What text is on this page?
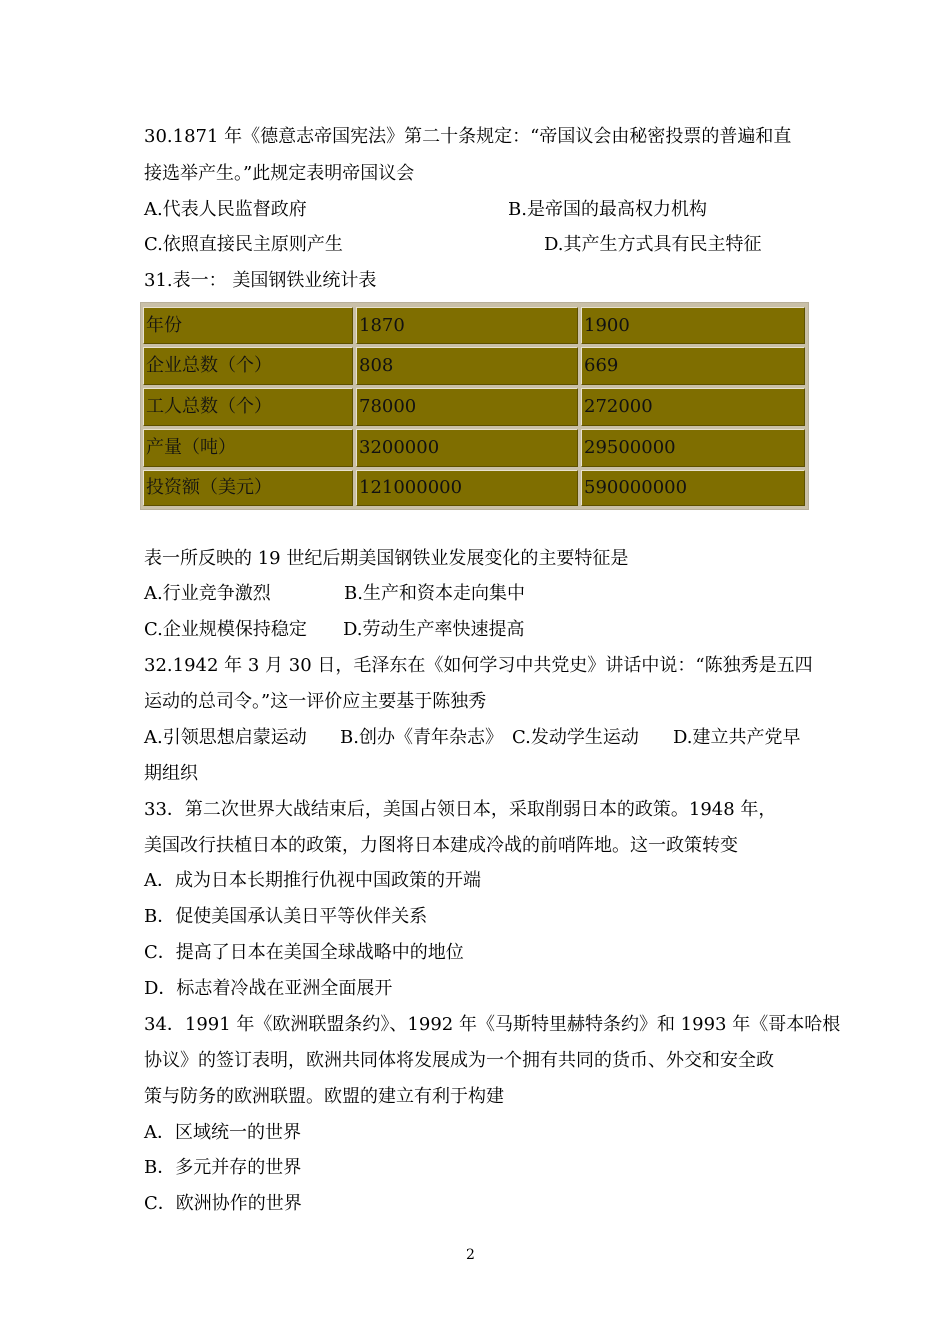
30.1871 年《德意志帝国宪法》第二十条规定：“帝国议会由秘密投票的普遍和直
接选举产生。”此规定表明帝国议会
A.代表人民监督政府	B.是帝国的最高权力机构
C.依照直接民主原则产生	D.其产生方式具有民主特征
31.表一： 美国钢铁业统计表
年份	1870	1900
企业总数（个）	808	669
工人总数（个）	78000	272000
产量（吨）	3200000	29500000
投资额（美元）	121000000	590000000
表一所反映的 19 世纪后期美国钢铁业发展变化的主要特征是
A.行业竞争激烈	B.生产和资本走向集中
C.企业规模保持稳定 D.劳动生产率快速提高
32.1942 年 3 月 30 日，毛泽东在《如何学习中共党史》讲话中说：“陈独秀是五四
运动的总司令。”这一评价应主要基于陈独秀
A.引领思想启蒙运动 B.创办《青年杂志》 C.发动学生运动 D.建立共产党早
期组织
33．第二次世界大战结束后，美国占领日本，采取削弱日本的政策。1948 年，
美国改行扶植日本的政策，力图将日本建成冷战的前哨阵地。这一政策转变
A．成为日本长期推行仇视中国政策的开端
B．促使美国承认美日平等伙伴关系
C．提高了日本在美国全球战略中的地位
D．标志着冷战在亚洲全面展开
34．1991 年《欧洲联盟条约》、1992 年《马斯特里赫特条约》和 1993 年《哥本哈根
协议》的签订表明，欧洲共同体将发展成为一个拥有共同的货币、外交和安全政
策与防务的欧洲联盟。欧盟的建立有利于构建
A．区域统一的世界
B．多元并存的世界
C．欧洲协作的世界
2
